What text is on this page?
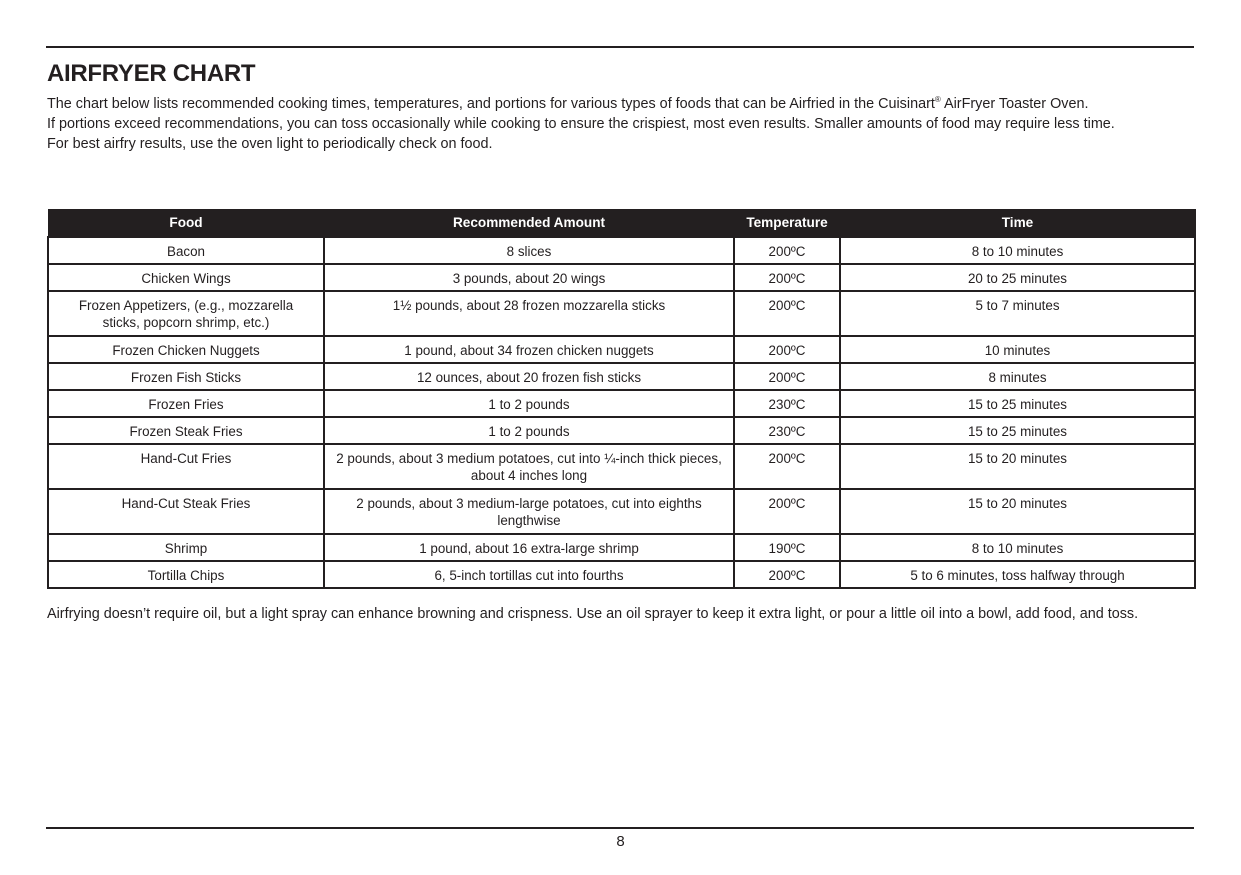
AIRFRYER CHART

The chart below lists recommended cooking times, temperatures, and portions for various types of foods that can be Airfried in the Cuisinart® AirFryer Toaster Oven.

If portions exceed recommendations, you can toss occasionally while cooking to ensure the crispiest, most even results. Smaller amounts of food may require less time.

For best airfry results, use the oven light to periodically check on food.

Food	Recommended Amount	Temperature	Time
Bacon	8 slices	200ºC	8 to 10 minutes
Chicken Wings	3 pounds, about 20 wings	200ºC	20 to 25 minutes
Frozen Appetizers, (e.g., mozzarella sticks, popcorn shrimp, etc.)	1½ pounds, about 28 frozen mozzarella sticks	200ºC	5 to 7 minutes
Frozen Chicken Nuggets	1 pound, about 34 frozen chicken nuggets	200ºC	10 minutes
Frozen Fish Sticks	12 ounces, about 20 frozen fish sticks	200ºC	8 minutes
Frozen Fries	1 to 2 pounds	230ºC	15 to 25 minutes
Frozen Steak Fries	1 to 2 pounds	230ºC	15 to 25 minutes
Hand-Cut Fries	2 pounds, about 3 medium potatoes, cut into ¼-inch thick pieces, about 4 inches long	200ºC	15 to 20 minutes
Hand-Cut Steak Fries	2 pounds, about 3 medium-large potatoes, cut into eighths lengthwise	200ºC	15 to 20 minutes
Shrimp	1 pound, about 16 extra-large shrimp	190ºC	8 to 10 minutes
Tortilla Chips	6, 5-inch tortillas cut into fourths	200ºC	5 to 6 minutes, toss halfway through
Airfrying doesn’t require oil, but a light spray can enhance browning and crispness. Use an oil sprayer to keep it extra light, or pour a little oil into a bowl, add food, and toss.
8
